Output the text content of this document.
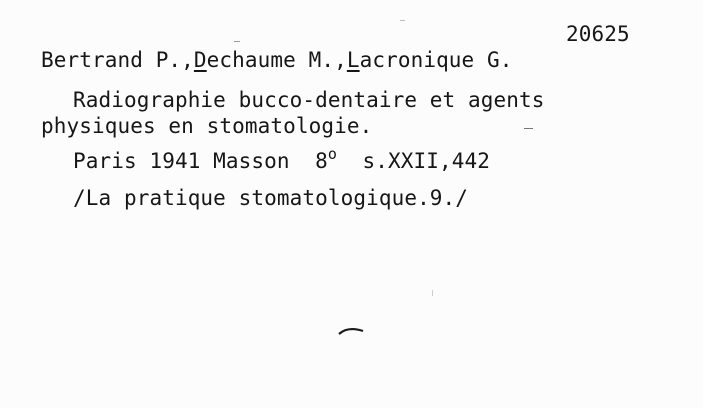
20625
Bertrand P.,Dechaume M.,Lacronique G.
Radiographie bucco-dentaire et agents
physiques en stomatologie.
Paris 1941 Masson  8$^o$  s.XXII,442
/La pratique stomatologique.9./
